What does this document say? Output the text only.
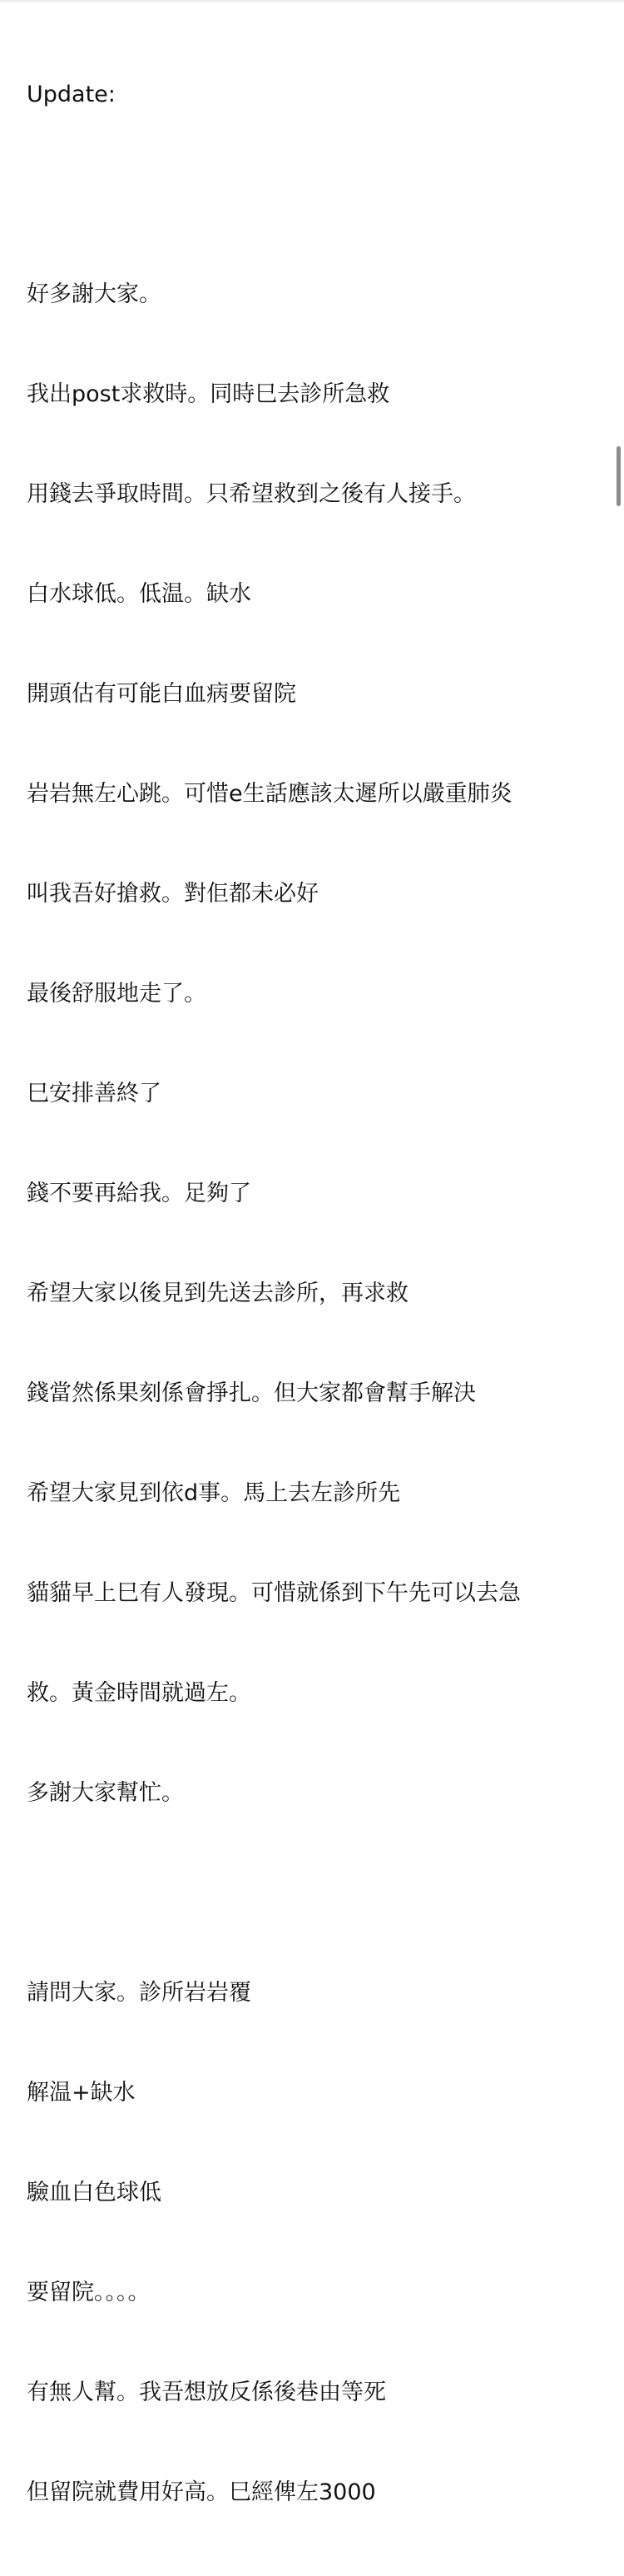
Update:

好多謝大家。

我出post求救時。同時巳去診所急救

用錢去爭取時間。只希望救到之後有人接手。

白水球低。低温。缺水

開頭估有可能白血病要留院

岩岩無左心跳。可惜e生話應該太遲所以嚴重肺炎

叫我吾好搶救。對佢都未必好

最後舒服地走了。

巳安排善終了

錢不要再給我。足夠了

希望大家以後見到先送去診所，再求救

錢當然係果刻係會掙扎。但大家都會幫手解決

希望大家見到依d事。馬上去左診所先

貓貓早上巳有人發現。可惜就係到下午先可以去急

救。黃金時間就過左。

多謝大家幫忙。

請問大家。診所岩岩覆

解温+缺水

驗血白色球低

要留院。。。。

有無人幫。我吾想放反係後巷由等死

但留院就費用好高。巳經俾左3000
